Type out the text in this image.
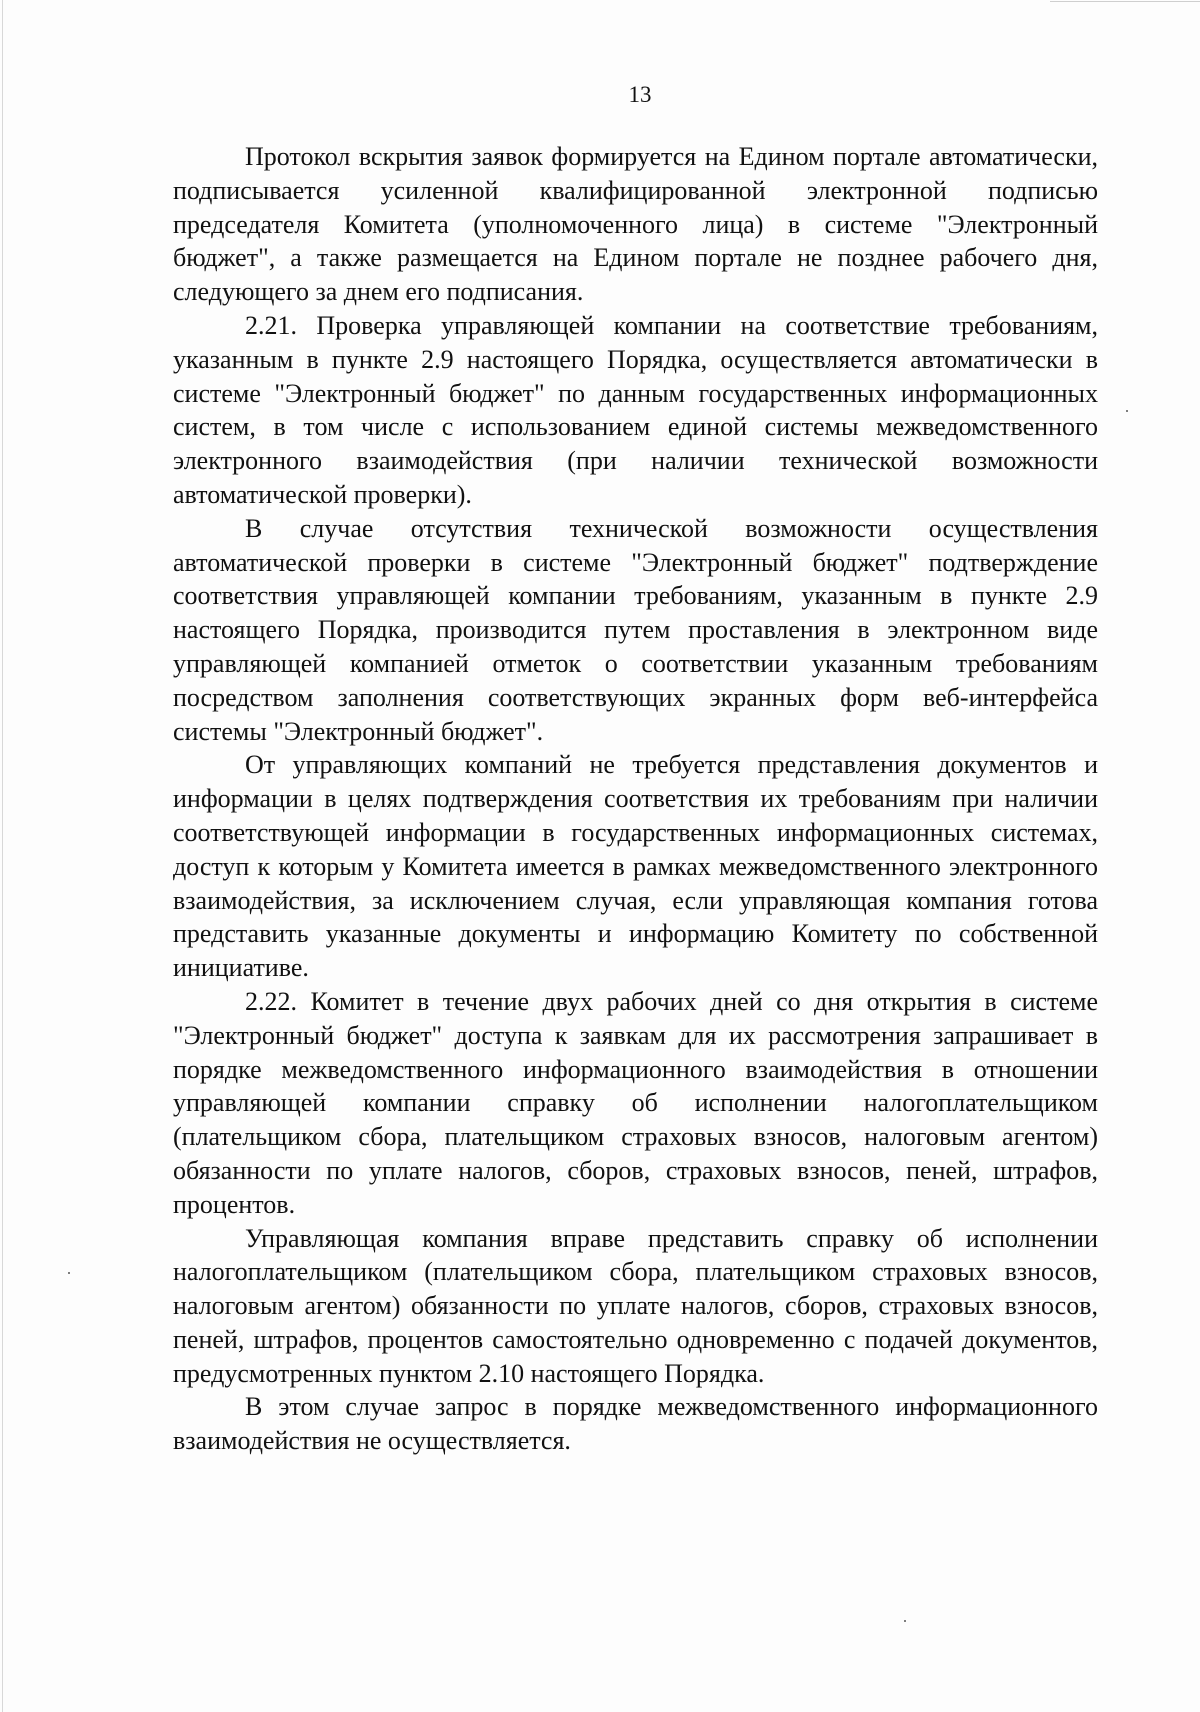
13

Протокол вскрытия заявок формируется на Едином портале автоматически, подписывается усиленной квалифицированной электронной подписью председателя Комитета (уполномоченного лица) в системе "Электронный бюджет", а также размещается на Едином портале не позднее рабочего дня, следующего за днем его подписания.

2.21. Проверка управляющей компании на соответствие требованиям, указанным в пункте 2.9 настоящего Порядка, осуществляется автоматически в системе "Электронный бюджет" по данным государственных информационных систем, в том числе с использованием единой системы межведомственного электронного взаимодействия (при наличии технической возможности автоматической проверки).

В случае отсутствия технической возможности осуществления автоматической проверки в системе "Электронный бюджет" подтверждение соответствия управляющей компании требованиям, указанным в пункте 2.9 настоящего Порядка, производится путем проставления в электронном виде управляющей компанией отметок о соответствии указанным требованиям посредством заполнения соответствующих экранных форм веб-интерфейса системы "Электронный бюджет".

От управляющих компаний не требуется представления документов и информации в целях подтверждения соответствия их требованиям при наличии соответствующей информации в государственных информационных системах, доступ к которым у Комитета имеется в рамках межведомственного электронного взаимодействия, за исключением случая, если управляющая компания готова представить указанные документы и информацию Комитету по собственной инициативе.

2.22. Комитет в течение двух рабочих дней со дня открытия в системе "Электронный бюджет" доступа к заявкам для их рассмотрения запрашивает в порядке межведомственного информационного взаимодействия в отношении управляющей компании справку об исполнении налогоплательщиком (плательщиком сбора, плательщиком страховых взносов, налоговым агентом) обязанности по уплате налогов, сборов, страховых взносов, пеней, штрафов, процентов.

Управляющая компания вправе представить справку об исполнении налогоплательщиком (плательщиком сбора, плательщиком страховых взносов, налоговым агентом) обязанности по уплате налогов, сборов, страховых взносов, пеней, штрафов, процентов самостоятельно одновременно с подачей документов, предусмотренных пунктом 2.10 настоящего Порядка.

В этом случае запрос в порядке межведомственного информационного взаимодействия не осуществляется.
